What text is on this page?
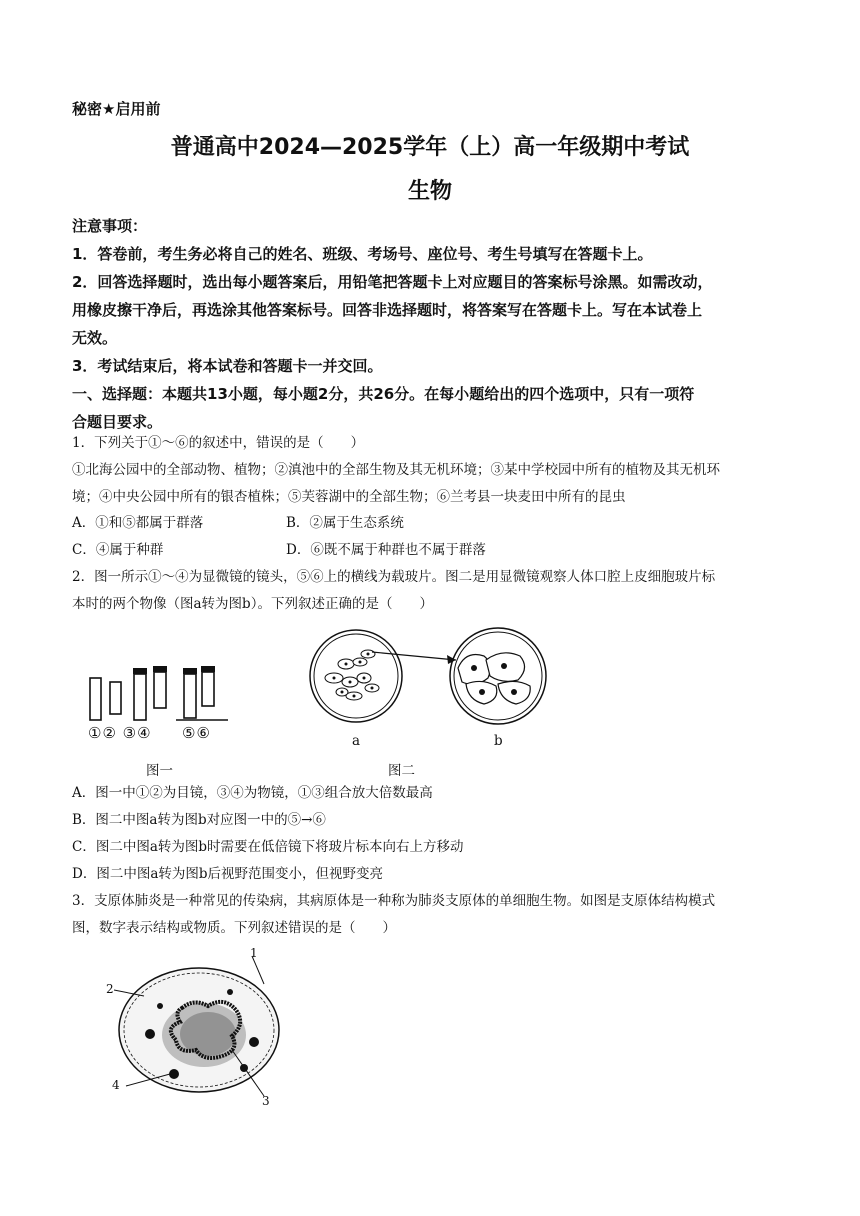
秘密★启用前
普通高中2024—2025学年（上）高一年级期中考试
生物
注意事项：
1．答卷前，考生务必将自己的姓名、班级、考场号、座位号、考生号填写在答题卡上。
2．回答选择题时，选出每小题答案后，用铅笔把答题卡上对应题目的答案标号涂黑。如需改动，
用橡皮擦干净后，再选涂其他答案标号。回答非选择题时，将答案写在答题卡上。写在本试卷上
无效。
3．考试结束后，将本试卷和答题卡一并交回。
一、选择题：本题共13小题，每小题2分，共26分。在每小题给出的四个选项中，只有一项符
合题目要求。
1．下列关于①～⑥的叙述中，错误的是（　　）
①北海公园中的全部动物、植物；②滇池中的全部生物及其无机环境；③某中学校园中所有的植物及其无机环
境；④中央公园中所有的银杏植株；⑤芙蓉湖中的全部生物；⑥兰考县一块麦田中所有的昆虫
A．①和⑤都属于群落	B．②属于生态系统
C．④属于种群	D．⑥既不属于种群也不属于群落
2．图一所示①～④为显微镜的镜头，⑤⑥上的横线为载玻片。图二是用显微镜观察人体口腔上皮细胞玻片标
本时的两个物像（图a转为图b）。下列叙述正确的是（　　）
①② ③④ ⑤⑥
图一
a	b
图二
A．图一中①②为目镜，③④为物镜，①③组合放大倍数最高
B．图二中图a转为图b对应图一中的⑤→⑥
C．图二中图a转为图b时需要在低倍镜下将玻片标本向右上方移动
D．图二中图a转为图b后视野范围变小，但视野变亮
3．支原体肺炎是一种常见的传染病，其病原体是一种称为肺炎支原体的单细胞生物。如图是支原体结构模式
图，数字表示结构或物质。下列叙述错误的是（　　）
2
1
4
3
